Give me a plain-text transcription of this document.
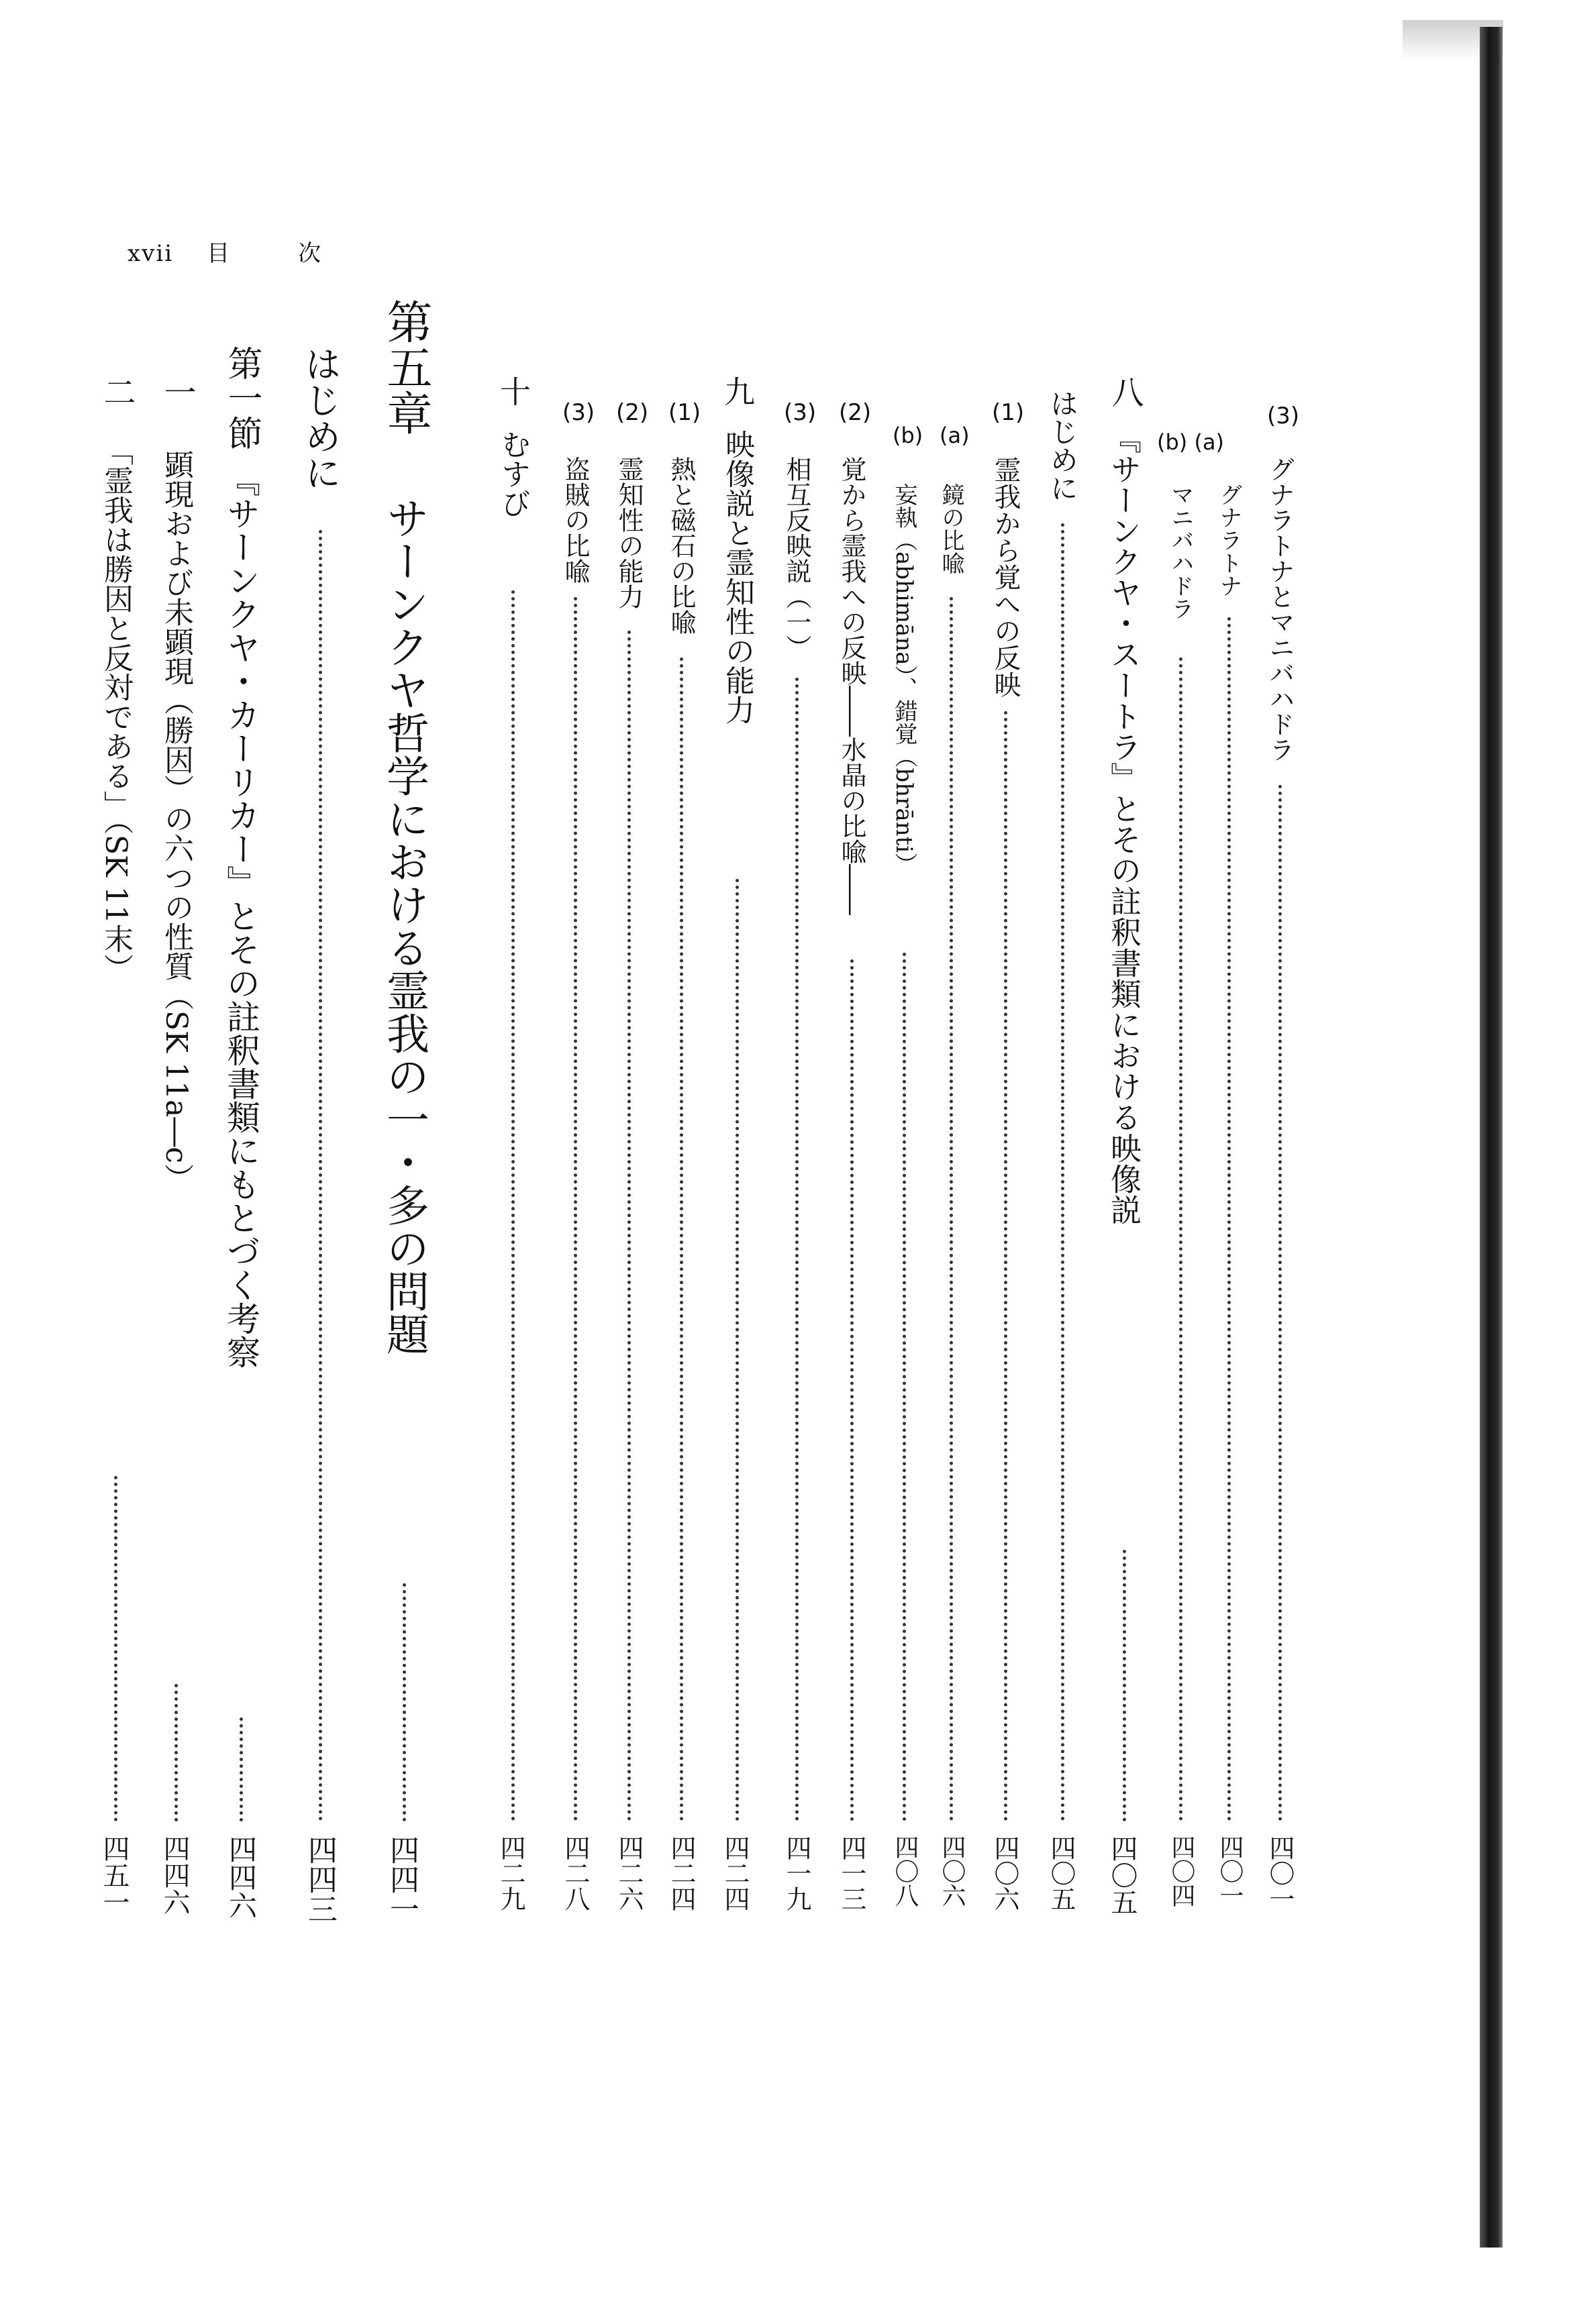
xvii 目	次
(3)
グナラトナとマニバハドラ
四〇一
(b) (a)
グナラトナ
四〇一
マニバハドラ
四〇四
八
『サーンクヤ・スートラ』とその註釈書類における映像説
四〇五
はじめに
四〇五
(1)
霊我から覚への反映
四〇六
(a)
鏡の比喩
四〇六
(b)
妄執（abhimāna）、錯覚（bhrānti）
四〇八
(2)
覚から霊我への反映――水晶の比喩――
四一三
(3)
相互反映説（一）
四一九
九
映像説と霊知性の能力
四二四
(1)
熱と磁石の比喩
四二四
(2)
霊知性の能力
四二六
(3)
盗賊の比喩
四二八
十
むすび
四二九
第五章
サーンクヤ哲学における霊我の一・多の問題
四四一
はじめに
四四三
第一節
『サーンクヤ・カーリカー』とその註釈書類にもとづく考察
四四六
一
顕現および未顕現（勝因）の六つの性質（SK 11a―c）
四四六
二
「霊我は勝因と反対である」（SK 11末）
四五一
